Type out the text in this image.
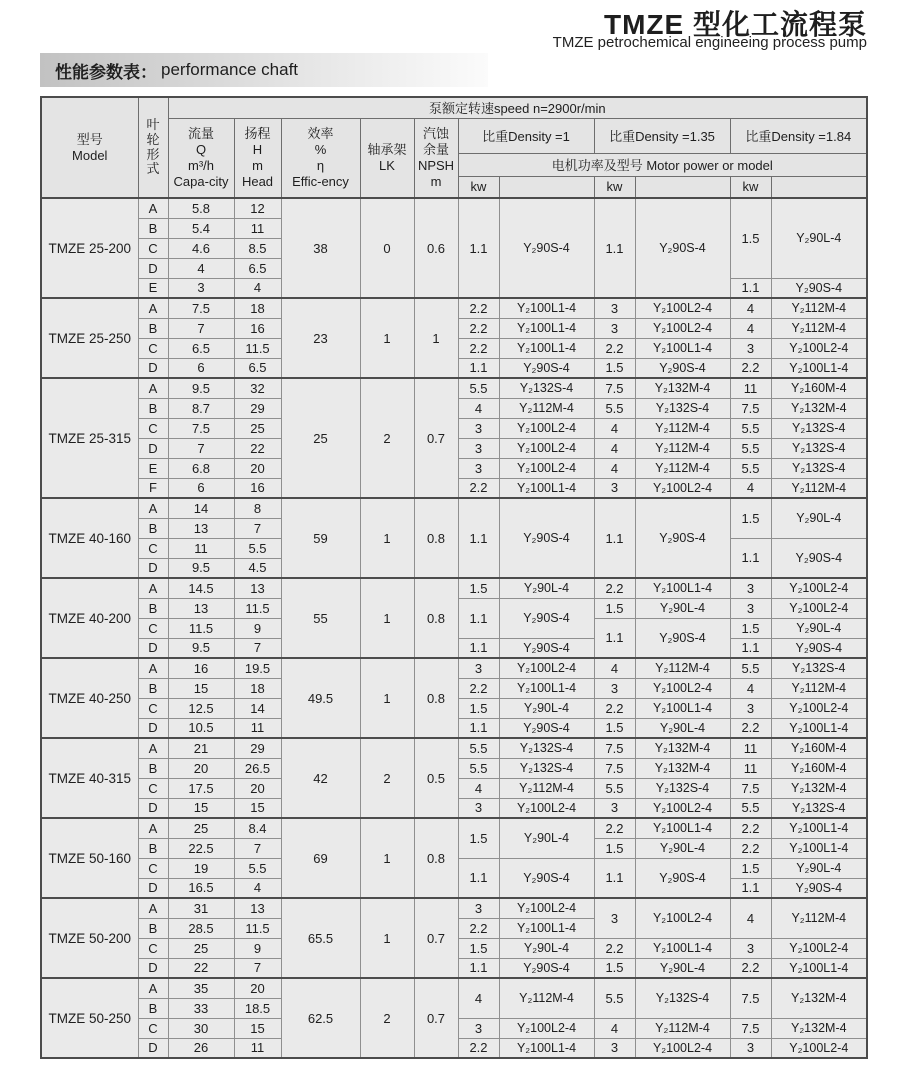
TMZE 型化工流程泵
TMZE petrochemical engineeing process pump
性能参数表： performance chaft
型号
Model	叶
轮
形
式	泵额定转速speed n=2900r/min										

		流量
Q
m³/h
Capa-city	扬程
H
m
Head	效率
%
η
Effic-ency	轴承架
LK	汽蚀
余量
NPSH
m	比重Density =1		比重Density =1.35		比重Density =1.84	
							电机功率及型号 Motor power or model					
							kw		kw		kw	
TMZE 25-200	A	5.8	12	38	0	0.6	1.1	Y₂90S-4	1.1	Y₂90S-4	1.5	Y₂90L-4
	B	5.4	11									
	C	4.6	8.5									
	D	4	6.5									
	E	3	4								1.1	Y₂90S-4
TMZE 25-250	A	7.5	18	23	1	1	2.2	Y₂100L1-4	3	Y₂100L2-4	4	Y₂112M-4
	B	7	16				2.2	Y₂100L1-4	3	Y₂100L2-4	4	Y₂112M-4
	C	6.5	11.5				2.2	Y₂100L1-4	2.2	Y₂100L1-4	3	Y₂100L2-4
	D	6	6.5				1.1	Y₂90S-4	1.5	Y₂90S-4	2.2	Y₂100L1-4
TMZE 25-315	A	9.5	32	25	2	0.7	5.5	Y₂132S-4	7.5	Y₂132M-4	11	Y₂160M-4
	B	8.7	29				4	Y₂112M-4	5.5	Y₂132S-4	7.5	Y₂132M-4
	C	7.5	25				3	Y₂100L2-4	4	Y₂112M-4	5.5	Y₂132S-4
	D	7	22				3	Y₂100L2-4	4	Y₂112M-4	5.5	Y₂132S-4
	E	6.8	20				3	Y₂100L2-4	4	Y₂112M-4	5.5	Y₂132S-4
	F	6	16				2.2	Y₂100L1-4	3	Y₂100L2-4	4	Y₂112M-4
TMZE 40-160	A	14	8	59	1	0.8	1.1	Y₂90S-4	1.1	Y₂90S-4	1.5	Y₂90L-4
	B	13	7									
	C	11	5.5								1.1	Y₂90S-4
	D	9.5	4.5									
TMZE 40-200	A	14.5	13	55	1	0.8	1.5	Y₂90L-4	2.2	Y₂100L1-4	3	Y₂100L2-4
	B	13	11.5				1.1	Y₂90S-4	1.5	Y₂90L-4	3	Y₂100L2-4
	C	11.5	9						1.1	Y₂90S-4	1.5	Y₂90L-4
	D	9.5	7				1.1	Y₂90S-4			1.1	Y₂90S-4
TMZE 40-250	A	16	19.5	49.5	1	0.8	3	Y₂100L2-4	4	Y₂112M-4	5.5	Y₂132S-4
	B	15	18				2.2	Y₂100L1-4	3	Y₂100L2-4	4	Y₂112M-4
	C	12.5	14				1.5	Y₂90L-4	2.2	Y₂100L1-4	3	Y₂100L2-4
	D	10.5	11				1.1	Y₂90S-4	1.5	Y₂90L-4	2.2	Y₂100L1-4
TMZE 40-315	A	21	29	42	2	0.5	5.5	Y₂132S-4	7.5	Y₂132M-4	11	Y₂160M-4
	B	20	26.5				5.5	Y₂132S-4	7.5	Y₂132M-4	11	Y₂160M-4
	C	17.5	20				4	Y₂112M-4	5.5	Y₂132S-4	7.5	Y₂132M-4
	D	15	15				3	Y₂100L2-4	3	Y₂100L2-4	5.5	Y₂132S-4
TMZE 50-160	A	25	8.4	69	1	0.8	1.5	Y₂90L-4	2.2	Y₂100L1-4	2.2	Y₂100L1-4
	B	22.5	7						1.5	Y₂90L-4	2.2	Y₂100L1-4
	C	19	5.5				1.1	Y₂90S-4	1.1	Y₂90S-4	1.5	Y₂90L-4
	D	16.5	4								1.1	Y₂90S-4
TMZE 50-200	A	31	13	65.5	1	0.7	3	Y₂100L2-4	3	Y₂100L2-4	4	Y₂112M-4
	B	28.5	11.5				2.2	Y₂100L1-4				
	C	25	9				1.5	Y₂90L-4	2.2	Y₂100L1-4	3	Y₂100L2-4
	D	22	7				1.1	Y₂90S-4	1.5	Y₂90L-4	2.2	Y₂100L1-4
TMZE 50-250	A	35	20	62.5	2	0.7	4	Y₂112M-4	5.5	Y₂132S-4	7.5	Y₂132M-4
	B	33	18.5									
	C	30	15				3	Y₂100L2-4	4	Y₂112M-4	7.5	Y₂132M-4
	D	26	11				2.2	Y₂100L1-4	3	Y₂100L2-4	3	Y₂100L2-4
